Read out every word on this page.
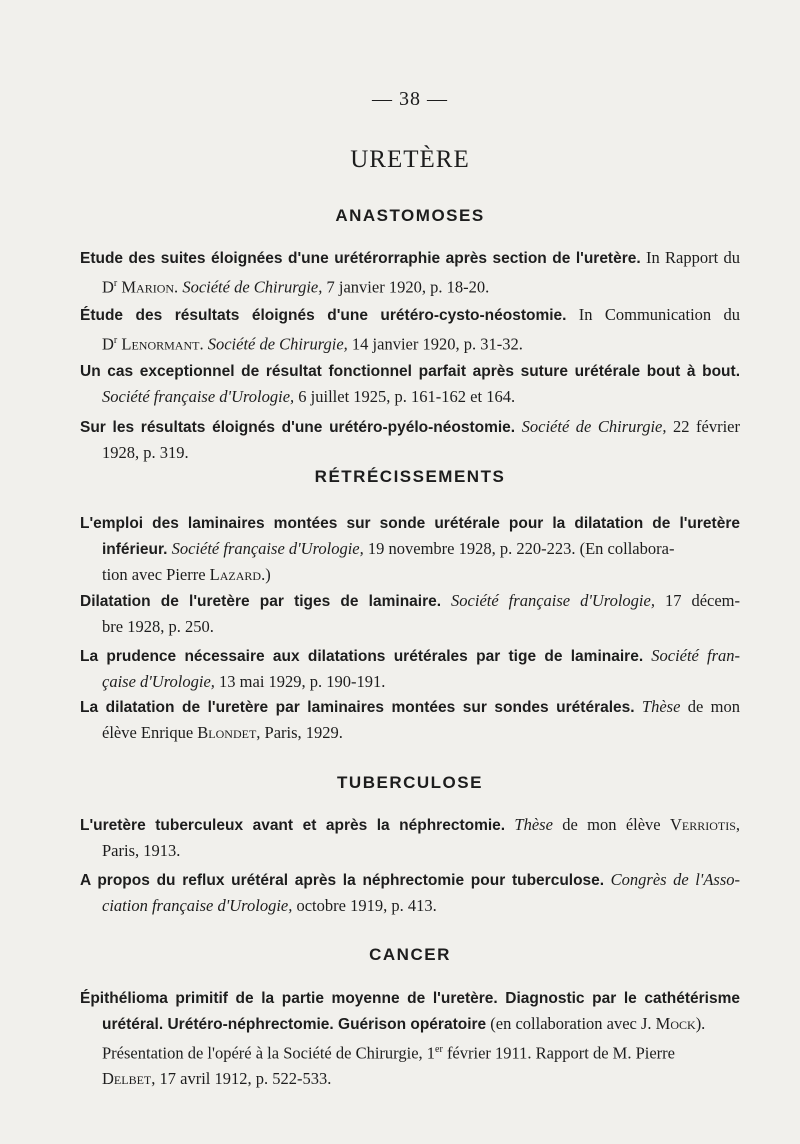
— 38 —
URETÈRE
ANASTOMOSES
Etude des suites éloignées d'une urétérorraphie après section de l'uretère. In Rapport du
$D^r$ Marion. Société de Chirurgie, 7 janvier 1920, p. 18-20.
Étude des résultats éloignés d'une urétéro-cysto-néostomie. In Communication du
$D^r$ Lenormant. Société de Chirurgie, 14 janvier 1920, p. 31-32.
Un cas exceptionnel de résultat fonctionnel parfait après suture urétérale bout à bout.
Société française d'Urologie, 6 juillet 1925, p. 161-162 et 164.
Sur les résultats éloignés d'une urétéro-pyélo-néostomie. Société de Chirurgie, 22 février
1928, p. 319.
RÉTRÉCISSEMENTS
L'emploi des laminaires montées sur sonde urétérale pour la dilatation de l'uretère
inférieur. Société française d'Urologie, 19 novembre 1928, p. 220-223. (En collabora-
tion avec Pierre Lazard.)
Dilatation de l'uretère par tiges de laminaire. Société française d'Urologie, 17 décem-
bre 1928, p. 250.
La prudence nécessaire aux dilatations urétérales par tige de laminaire. Société fran-
çaise d'Urologie, 13 mai 1929, p. 190-191.
La dilatation de l'uretère par laminaires montées sur sondes urétérales. Thèse de mon
élève Enrique Blondet, Paris, 1929.
TUBERCULOSE
L'uretère tuberculeux avant et après la néphrectomie. Thèse de mon élève Verriotis,
Paris, 1913.
A propos du reflux urétéral après la néphrectomie pour tuberculose. Congrès de l'Asso-
ciation française d'Urologie, octobre 1919, p. 413.
CANCER
Épithélioma primitif de la partie moyenne de l'uretère. Diagnostic par le cathétérisme
urétéral. Urétéro-néphrectomie. Guérison opératoire (en collaboration avec J. Mock).
Présentation de l'opéré à la Société de Chirurgie, 1er février 1911. Rapport de M. Pierre
Delbet, 17 avril 1912, p. 522-533.
